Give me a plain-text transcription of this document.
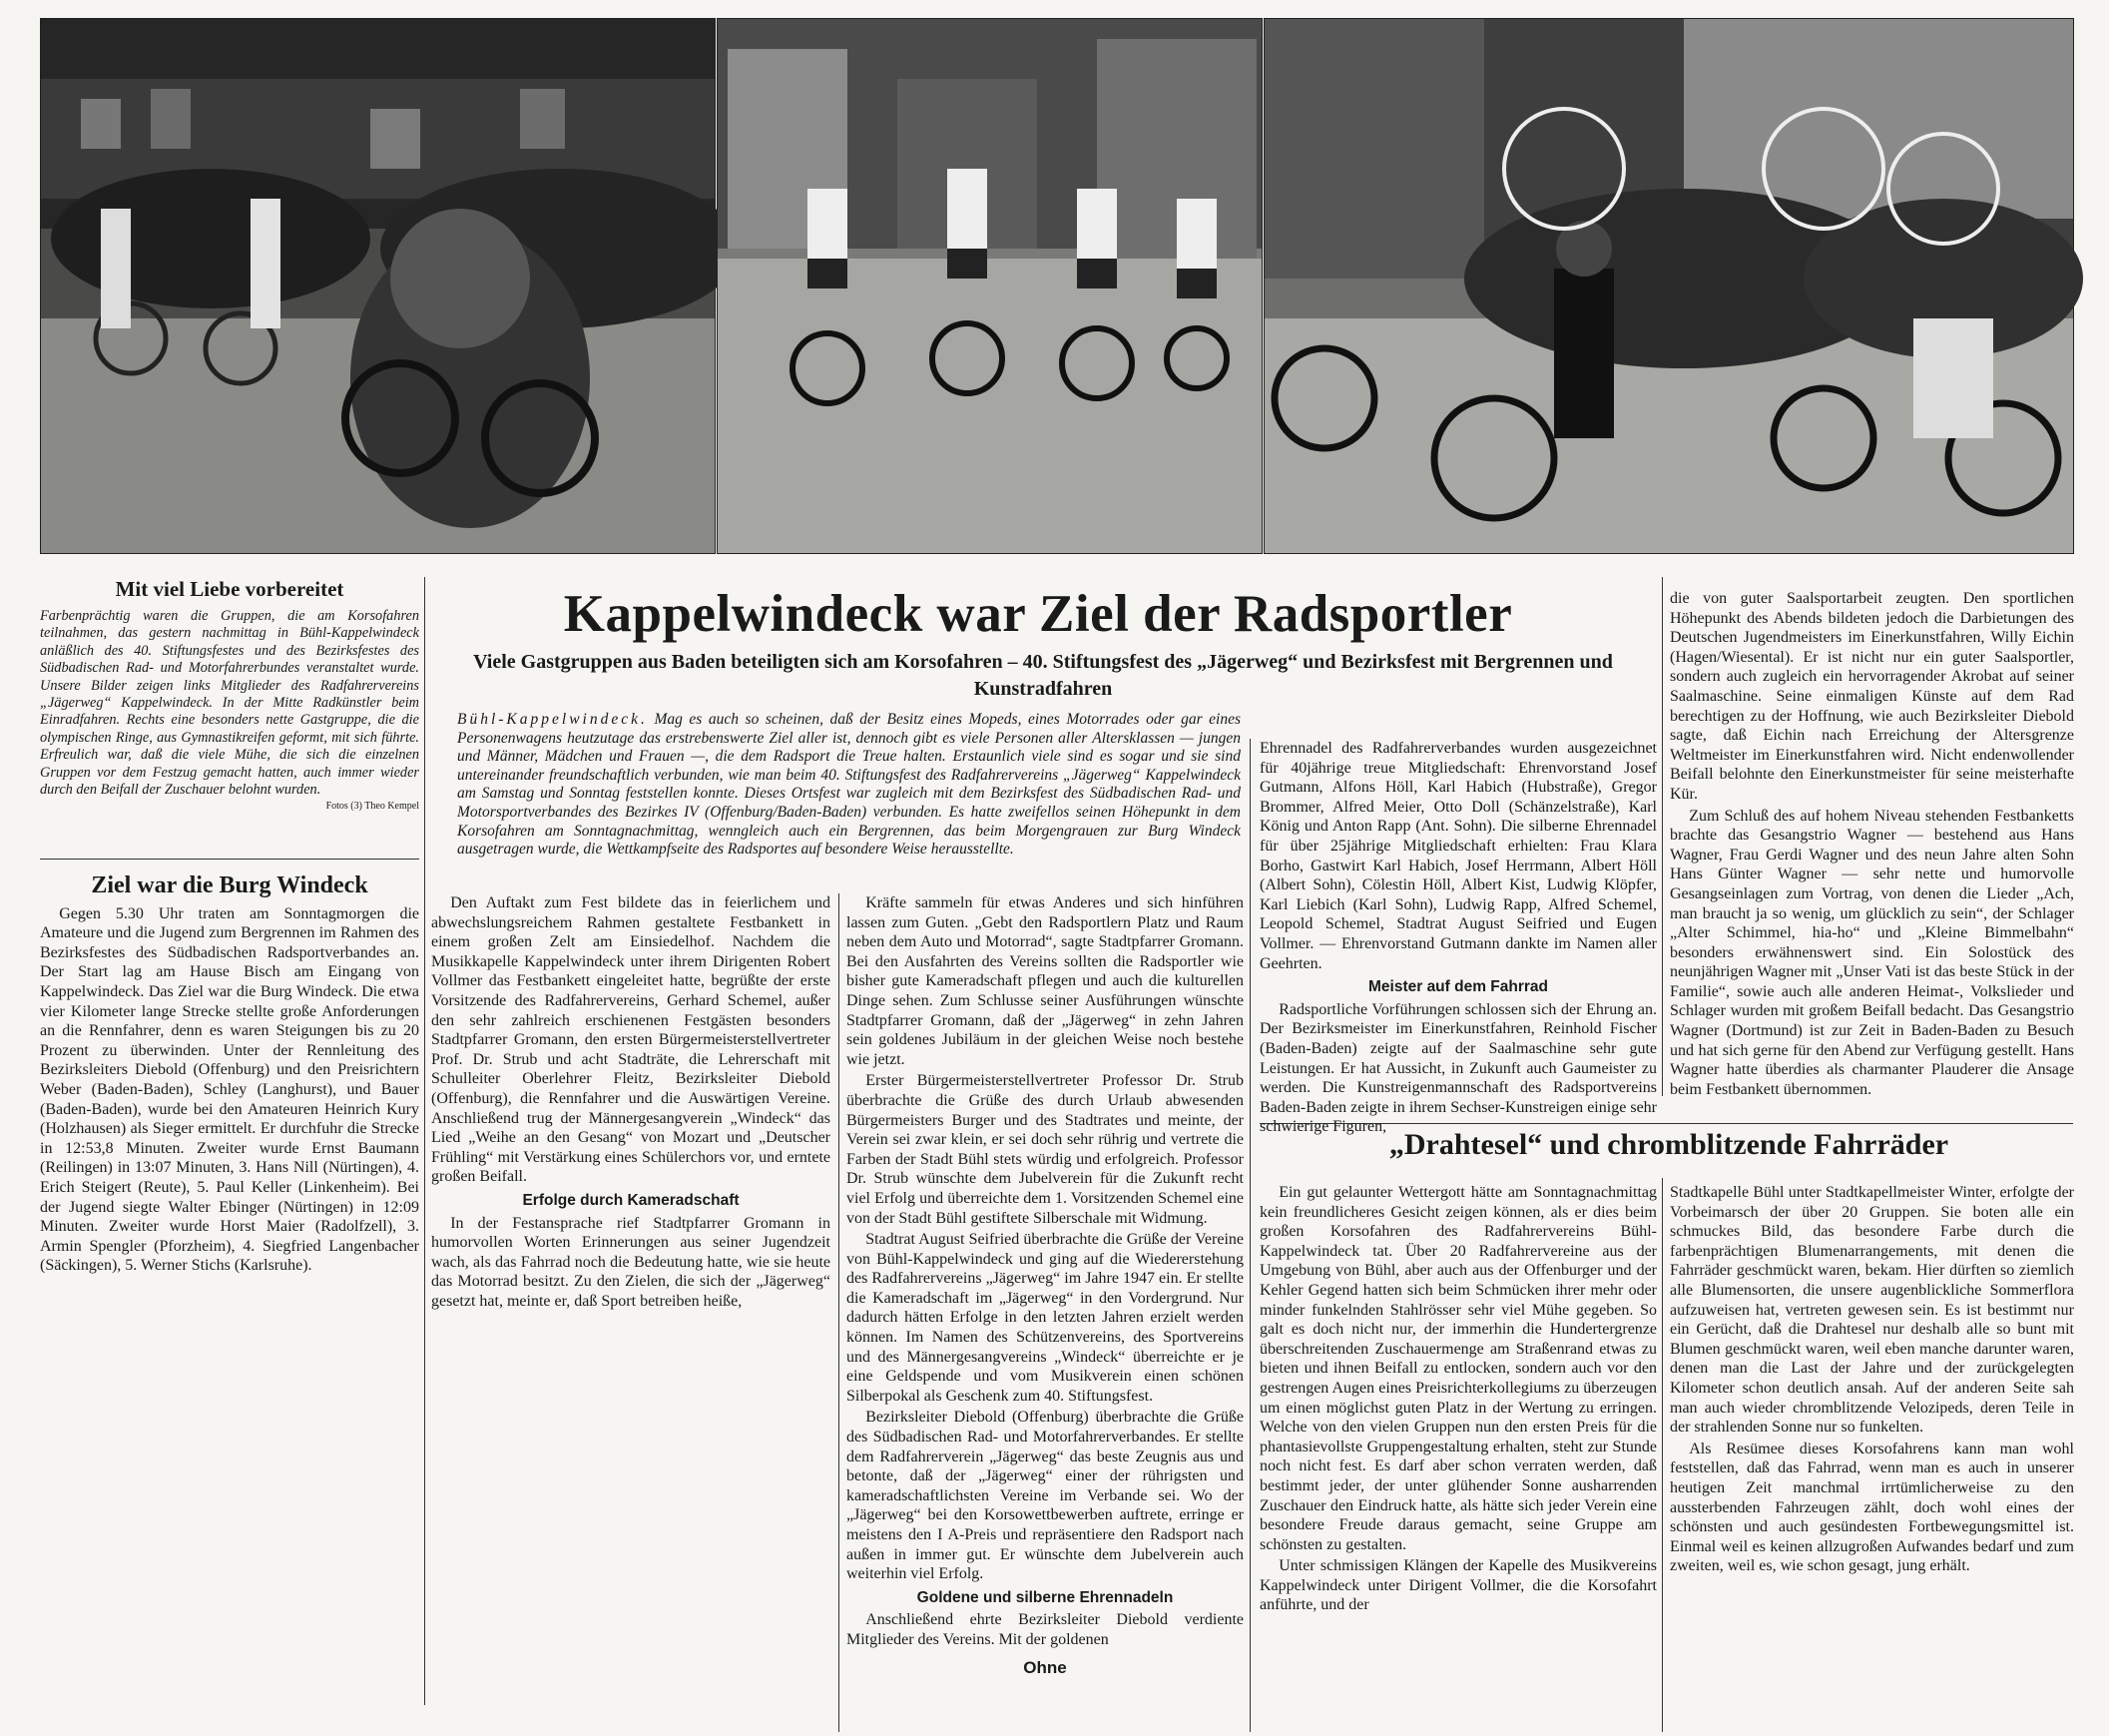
Mit viel Liebe vorbereitet
Farbenprächtig waren die Gruppen, die am Korsofahren teilnahmen, das gestern nachmittag in Bühl-Kappelwindeck anläßlich des 40. Stiftungsfestes und des Bezirksfestes des Südbadischen Rad- und Motorfahrerbundes veranstaltet wurde. Unsere Bilder zeigen links Mitglieder des Radfahrervereins „Jägerweg“ Kappelwindeck. In der Mitte Radkünstler beim Einradfahren. Rechts eine besonders nette Gastgruppe, die die olympischen Ringe, aus Gymnastikreifen geformt, mit sich führte. Erfreulich war, daß die viele Mühe, die sich die einzelnen Gruppen vor dem Festzug gemacht hatten, auch immer wieder durch den Beifall der Zuschauer belohnt wurden.
Fotos (3) Theo Kempel
Ziel war die Burg Windeck

Gegen 5.30 Uhr traten am Sonntagmorgen die Amateure und die Jugend zum Bergrennen im Rahmen des Bezirksfestes des Südbadischen Radsportverbandes an. Der Start lag am Hause Bisch am Eingang von Kappelwindeck. Das Ziel war die Burg Windeck. Die etwa vier Kilometer lange Strecke stellte große Anforderungen an die Rennfahrer, denn es waren Steigungen bis zu 20 Prozent zu überwinden. Unter der Rennleitung des Bezirksleiters Diebold (Offenburg) und den Preisrichtern Weber (Baden-Baden), Schley (Langhurst), und Bauer (Baden-Baden), wurde bei den Amateuren Heinrich Kury (Holzhausen) als Sieger ermittelt. Er durchfuhr die Strecke in 12:53,8 Minuten. Zweiter wurde Ernst Baumann (Reilingen) in 13:07 Minuten, 3. Hans Nill (Nürtingen), 4. Erich Steigert (Reute), 5. Paul Keller (Linkenheim). Bei der Jugend siegte Walter Ebinger (Nürtingen) in 12:09 Minuten. Zweiter wurde Horst Maier (Radolfzell), 3. Armin Spengler (Pforzheim), 4. Siegfried Langenbacher (Säckingen), 5. Werner Stichs (Karlsruhe).

Kappelwindeck war Ziel der Radsportler
Viele Gastgruppen aus Baden beteiligten sich am Korsofahren – 40. Stiftungsfest des „Jägerweg“ und Bezirksfest mit Bergrennen und Kunstradfahren
Bühl-Kappelwindeck. Mag es auch so scheinen, daß der Besitz eines Mopeds, eines Motorrades oder gar eines Personenwagens heutzutage das erstrebenswerte Ziel aller ist, dennoch gibt es viele Personen aller Altersklassen — jungen und Männer, Mädchen und Frauen —, die dem Radsport die Treue halten. Erstaunlich viele sind es sogar und sie sind untereinander freundschaftlich verbunden, wie man beim 40. Stiftungsfest des Radfahrervereins „Jägerweg“ Kappelwindeck am Samstag und Sonntag feststellen konnte. Dieses Ortsfest war zugleich mit dem Bezirksfest des Südbadischen Rad- und Motorsportverbandes des Bezirkes IV (Offenburg/Baden-Baden) verbunden. Es hatte zweifellos seinen Höhepunkt in dem Korsofahren am Sonntagnachmittag, wenngleich auch ein Bergrennen, das beim Morgengrauen zur Burg Windeck ausgetragen wurde, die Wettkampfseite des Radsportes auf besondere Weise herausstellte.

Den Auftakt zum Fest bildete das in feierlichem und abwechslungsreichem Rahmen gestaltete Festbankett in einem großen Zelt am Einsiedelhof. Nachdem die Musikkapelle Kappelwindeck unter ihrem Dirigenten Robert Vollmer das Festbankett eingeleitet hatte, begrüßte der erste Vorsitzende des Radfahrervereins, Gerhard Schemel, außer den sehr zahlreich erschienenen Festgästen besonders Stadtpfarrer Gromann, den ersten Bürgermeisterstellvertreter Prof. Dr. Strub und acht Stadträte, die Lehrerschaft mit Schulleiter Oberlehrer Fleitz, Bezirksleiter Diebold (Offenburg), die Rennfahrer und die Auswärtigen Vereine. Anschließend trug der Männergesangverein „Windeck“ das Lied „Weihe an den Gesang“ von Mozart und „Deutscher Frühling“ mit Verstärkung eines Schülerchors vor, und erntete großen Beifall.

Erfolge durch Kameradschaft

In der Festansprache rief Stadtpfarrer Gromann in humorvollen Worten Erinnerungen aus seiner Jugendzeit wach, als das Fahrrad noch die Bedeutung hatte, wie sie heute das Motorrad besitzt. Zu den Zielen, die sich der „Jägerweg“ gesetzt hat, meinte er, daß Sport betreiben heiße,

Kräfte sammeln für etwas Anderes und sich hinführen lassen zum Guten. „Gebt den Radsportlern Platz und Raum neben dem Auto und Motorrad“, sagte Stadtpfarrer Gromann. Bei den Ausfahrten des Vereins sollten die Radsportler wie bisher gute Kameradschaft pflegen und auch die kulturellen Dinge sehen. Zum Schlusse seiner Ausführungen wünschte Stadtpfarrer Gromann, daß der „Jägerweg“ in zehn Jahren sein goldenes Jubiläum in der gleichen Weise noch bestehe wie jetzt.

Erster Bürgermeisterstellvertreter Professor Dr. Strub überbrachte die Grüße des durch Urlaub abwesenden Bürgermeisters Burger und des Stadtrates und meinte, der Verein sei zwar klein, er sei doch sehr rührig und vertrete die Farben der Stadt Bühl stets würdig und erfolgreich. Professor Dr. Strub wünschte dem Jubelverein für die Zukunft recht viel Erfolg und überreichte dem 1. Vorsitzenden Schemel eine von der Stadt Bühl gestiftete Silberschale mit Widmung.

Stadtrat August Seifried überbrachte die Grüße der Vereine von Bühl-Kappelwindeck und ging auf die Wiedererstehung des Radfahrervereins „Jägerweg“ im Jahre 1947 ein. Er stellte die Kameradschaft im „Jägerweg“ in den Vordergrund. Nur dadurch hätten Erfolge in den letzten Jahren erzielt werden können. Im Namen des Schützenvereins, des Sportvereins und des Männergesangvereins „Windeck“ überreichte er je eine Geldspende und vom Musikverein einen schönen Silberpokal als Geschenk zum 40. Stiftungsfest.

Bezirksleiter Diebold (Offenburg) überbrachte die Grüße des Südbadischen Rad- und Motorfahrerverbandes. Er stellte dem Radfahrerverein „Jägerweg“ das beste Zeugnis aus und betonte, daß der „Jägerweg“ einer der rührigsten und kameradschaftlichsten Vereine im Verbande sei. Wo der „Jägerweg“ bei den Korsowettbewerben auftrete, erringe er meistens den I A-Preis und repräsentiere den Radsport nach außen in immer gut. Er wünschte dem Jubelverein auch weiterhin viel Erfolg.

Goldene und silberne Ehrennadeln

Anschließend ehrte Bezirksleiter Diebold verdiente Mitglieder des Vereins. Mit der goldenen

Ohne

Ehrennadel des Radfahrerverbandes wurden ausgezeichnet für 40jährige treue Mitgliedschaft: Ehrenvorstand Josef Gutmann, Alfons Höll, Karl Habich (Hubstraße), Gregor Brommer, Alfred Meier, Otto Doll (Schänzelstraße), Karl König und Anton Rapp (Ant. Sohn). Die silberne Ehrennadel für über 25jährige Mitgliedschaft erhielten: Frau Klara Borho, Gastwirt Karl Habich, Josef Herrmann, Albert Höll (Albert Sohn), Cölestin Höll, Albert Kist, Ludwig Klöpfer, Karl Liebich (Karl Sohn), Ludwig Rapp, Alfred Schemel, Leopold Schemel, Stadtrat August Seifried und Eugen Vollmer. — Ehrenvorstand Gutmann dankte im Namen aller Geehrten.

Meister auf dem Fahrrad

Radsportliche Vorführungen schlossen sich der Ehrung an. Der Bezirksmeister im Einerkunstfahren, Reinhold Fischer (Baden-Baden) zeigte auf der Saalmaschine sehr gute Leistungen. Er hat Aussicht, in Zukunft auch Gaumeister zu werden. Die Kunstreigenmannschaft des Radsportvereins Baden-Baden zeigte in ihrem Sechser-Kunstreigen einige sehr schwierige Figuren,

die von guter Saalsportarbeit zeugten. Den sportlichen Höhepunkt des Abends bildeten jedoch die Darbietungen des Deutschen Jugendmeisters im Einerkunstfahren, Willy Eichin (Hagen/Wiesental). Er ist nicht nur ein guter Saalsportler, sondern auch zugleich ein hervorragender Akrobat auf seiner Saalmaschine. Seine einmaligen Künste auf dem Rad berechtigen zu der Hoffnung, wie auch Bezirksleiter Diebold sagte, daß Eichin nach Erreichung der Altersgrenze Weltmeister im Einerkunstfahren wird. Nicht endenwollender Beifall belohnte den Einerkunstmeister für seine meisterhafte Kür.

Zum Schluß des auf hohem Niveau stehenden Festbanketts brachte das Gesangstrio Wagner — bestehend aus Hans Wagner, Frau Gerdi Wagner und des neun Jahre alten Sohn Hans Günter Wagner — sehr nette und humorvolle Gesangseinlagen zum Vortrag, von denen die Lieder „Ach, man braucht ja so wenig, um glücklich zu sein“, der Schlager „Alter Schimmel, hia-ho“ und „Kleine Bimmelbahn“ besonders erwähnenswert sind. Ein Solostück des neunjährigen Wagner mit „Unser Vati ist das beste Stück in der Familie“, sowie auch alle anderen Heimat-, Volkslieder und Schlager wurden mit großem Beifall bedacht. Das Gesangstrio Wagner (Dortmund) ist zur Zeit in Baden-Baden zu Besuch und hat sich gerne für den Abend zur Verfügung gestellt. Hans Wagner hatte überdies als charmanter Plauderer die Ansage beim Festbankett übernommen.

„Drahtesel“ und chromblitzende Fahrräder

Ein gut gelaunter Wettergott hätte am Sonntagnachmittag kein freundlicheres Gesicht zeigen können, als er dies beim großen Korsofahren des Radfahrervereins Bühl-Kappelwindeck tat. Über 20 Radfahrervereine aus der Umgebung von Bühl, aber auch aus der Offenburger und der Kehler Gegend hatten sich beim Schmücken ihrer mehr oder minder funkelnden Stahlrösser sehr viel Mühe gegeben. So galt es doch nicht nur, der immerhin die Hundertergrenze überschreitenden Zuschauermenge am Straßenrand etwas zu bieten und ihnen Beifall zu entlocken, sondern auch vor den gestrengen Augen eines Preisrichterkollegiums zu überzeugen um einen möglichst guten Platz in der Wertung zu erringen. Welche von den vielen Gruppen nun den ersten Preis für die phantasievollste Gruppengestaltung erhalten, steht zur Stunde noch nicht fest. Es darf aber schon verraten werden, daß bestimmt jeder, der unter glühender Sonne ausharrenden Zuschauer den Eindruck hatte, als hätte sich jeder Verein eine besondere Freude daraus gemacht, seine Gruppe am schönsten zu gestalten.

Unter schmissigen Klängen der Kapelle des Musikvereins Kappelwindeck unter Dirigent Vollmer, die die Korsofahrt anführte, und der

Stadtkapelle Bühl unter Stadtkapellmeister Winter, erfolgte der Vorbeimarsch der über 20 Gruppen. Sie boten alle ein schmuckes Bild, das besondere Farbe durch die farbenprächtigen Blumenarrangements, mit denen die Fahrräder geschmückt waren, bekam. Hier dürften so ziemlich alle Blumensorten, die unsere augenblickliche Sommerflora aufzuweisen hat, vertreten gewesen sein. Es ist bestimmt nur ein Gerücht, daß die Drahtesel nur deshalb alle so bunt mit Blumen geschmückt waren, weil eben manche darunter waren, denen man die Last der Jahre und der zurückgelegten Kilometer schon deutlich ansah. Auf der anderen Seite sah man auch wieder chromblitzende Velozipeds, deren Teile in der strahlenden Sonne nur so funkelten.

Als Resümee dieses Korsofahrens kann man wohl feststellen, daß das Fahrrad, wenn man es auch in unserer heutigen Zeit manchmal irrtümlicherweise zu den aussterbenden Fahrzeugen zählt, doch wohl eines der schönsten und auch gesündesten Fortbewegungsmittel ist. Einmal weil es keinen allzugroßen Aufwandes bedarf und zum zweiten, weil es, wie schon gesagt, jung erhält.
